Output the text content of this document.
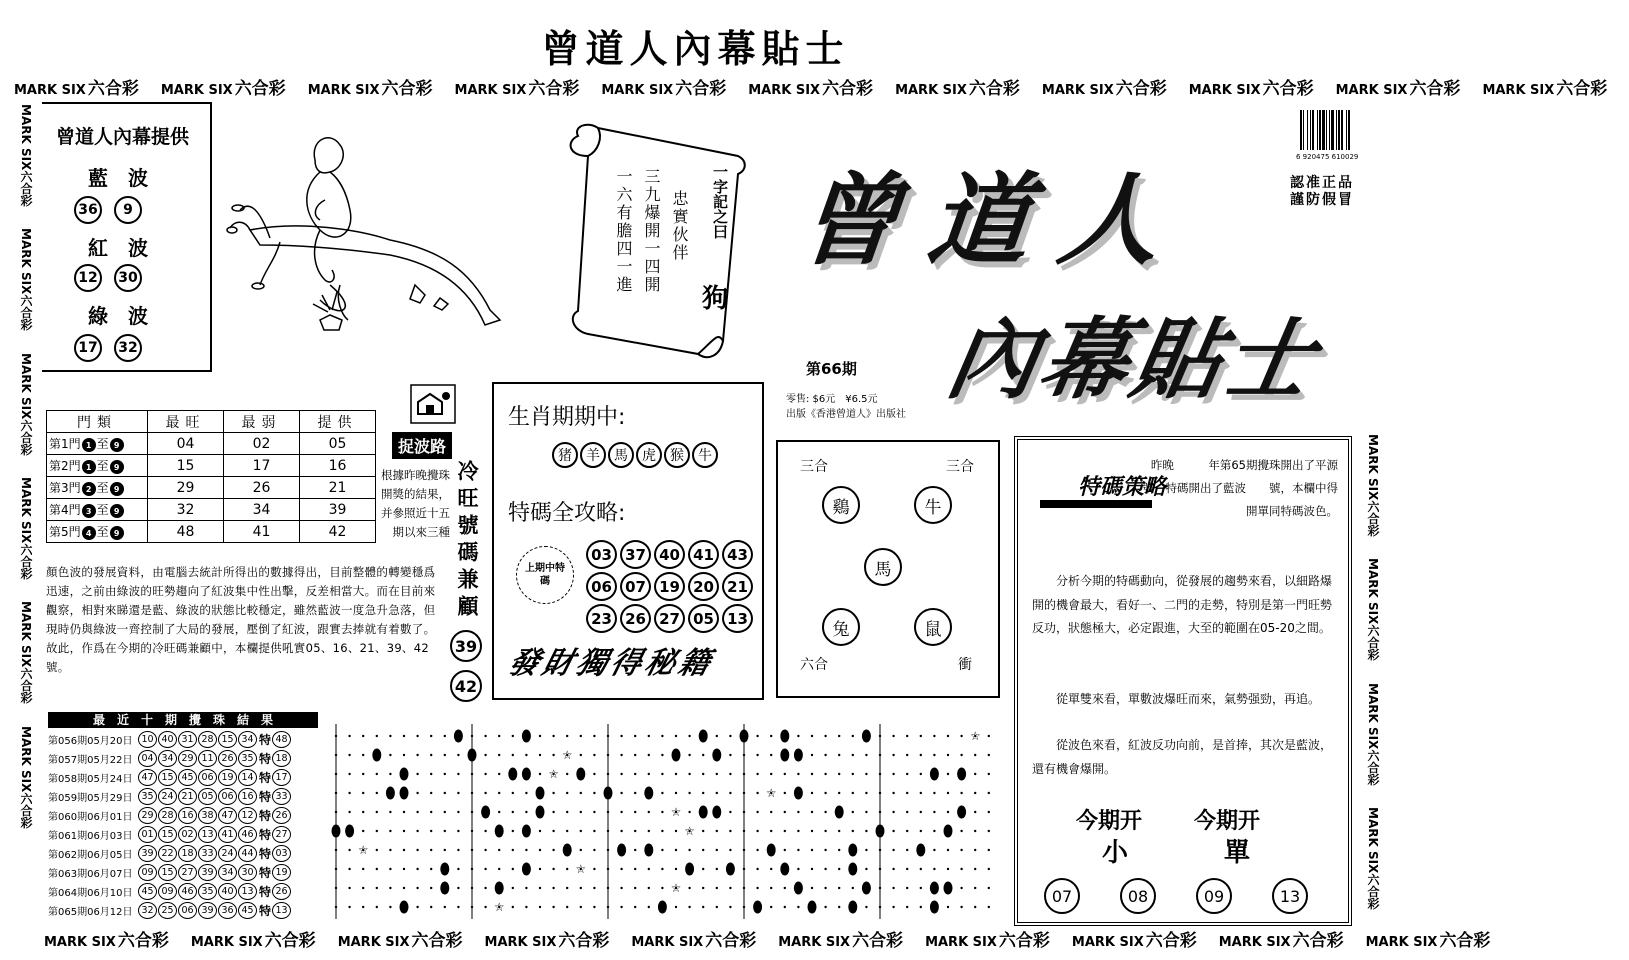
曾道人內幕貼士
MARK SIX 六合彩 MARK SIX 六合彩 MARK SIX 六合彩 MARK SIX 六合彩 MARK SIX 六合彩 MARK SIX 六合彩 MARK SIX 六合彩 MARK SIX 六合彩 MARK SIX 六合彩 MARK SIX 六合彩 MARK SIX 六合彩
MARK SIX 六合彩 MARK SIX 六合彩 MARK SIX 六合彩 MARK SIX 六合彩 MARK SIX 六合彩 MARK SIX 六合彩 MARK SIX 六合彩 MARK SIX 六合彩 MARK SIX 六合彩 MARK SIX 六合彩
MARK SIX六合彩
MARK SIX六合彩
MARK SIX六合彩
MARK SIX六合彩
MARK SIX六合彩
MARK SIX六合彩
MARK SIX六合彩
MARK SIX六合彩
MARK SIX六合彩
MARK SIX六合彩
曾道人內幕提供
藍　波
36	9
紅　波
12	30
綠　波
17	32
一字記之曰
狗
忠實伙伴
三九爆開一四開
一六有膽四一進 曾道人
內幕貼士
第66期
零售: $6元　¥6.5元
出版《香港曾道人》出版社
6 920475 610029
認准正品
謹防假冒
門類	最旺	最弱	提供
第1門 1 至 9	04	02	05
第2門 1 至 9	15	17	16
第3門 2 至 9	29	26	21
第4門 3 至 9	32	34	39
第5門 4 至 9	48	41	42
捉波路
冷旺號碼兼顧
根據昨晚攪珠開獎的結果，并參照近十五期以來三種
顏色波的發展資料，由電腦去統計所得出的數據得出，目前整體的轉變穩爲迅速，之前由綠波的旺勢趨向了紅波集中性出擊，反差相當大。而在目前來觀察，相對來睇還是藍、綠波的狀態比較穩定，雖然藍波一度急升急落，但現時仍與綠波一齊控制了大局的發展，壓倒了紅波，跟實去捧就有着數了。故此，作爲在今期的冷旺碼兼顧中，本欄提供吼實05、16、21、39、42號。
39
42
生肖期期中:
猪	羊	馬	虎	猴	牛
特碼全攻略:
上期中特碼
03 37 40 41 43
06 07 19 20 21
23 26 27 05 13
發財獨得秘籍
三合	三合
鷄	牛
馬
兔	鼠
六合	衝
特碼策略
昨晚　　　年第65期攪珠開出了平源　　　號，特碼開出了藍波　　號，本欄中得開單同特碼波色。
分析今期的特碼動向，從發展的趨勢來看，以細路爆開的機會最大，看好一、二門的走勢，特別是第一門旺勢反功，狀態極大，必定跟進，大至的範圍在05-20之間。
從單雙來看，單數波爆旺而來，氣勢强勁，再追。
從波色來看，紅波反功向前，是首捧，其次是藍波，還有機會爆開。
今期开
小
今期开
單
07	08	09	13
最　近　十　期　攪　珠　結　果
第056期05月20日 10 40 31 28 15 34 特 48
第057期05月22日 04 34 29 11 26 35 特 18
第058期05月24日 47 15 45 06 19 14 特 17
第059期05月29日 35 24 21 05 06 16 特 33
第060期06月01日 29 28 16 38 47 12 特 26
第061期06月03日 01 15 02 13 41 46 特 27
第062期06月05日 39 22 18 33 24 44 特 03
第063期06月07日 09 15 27 39 34 30 特 19
第064期06月10日 45 09 46 35 40 13 特 26
第065期06月12日 32 25 06 39 36 45 特 13
☆
☆
☆
☆
☆
☆
☆
☆
☆
☆
